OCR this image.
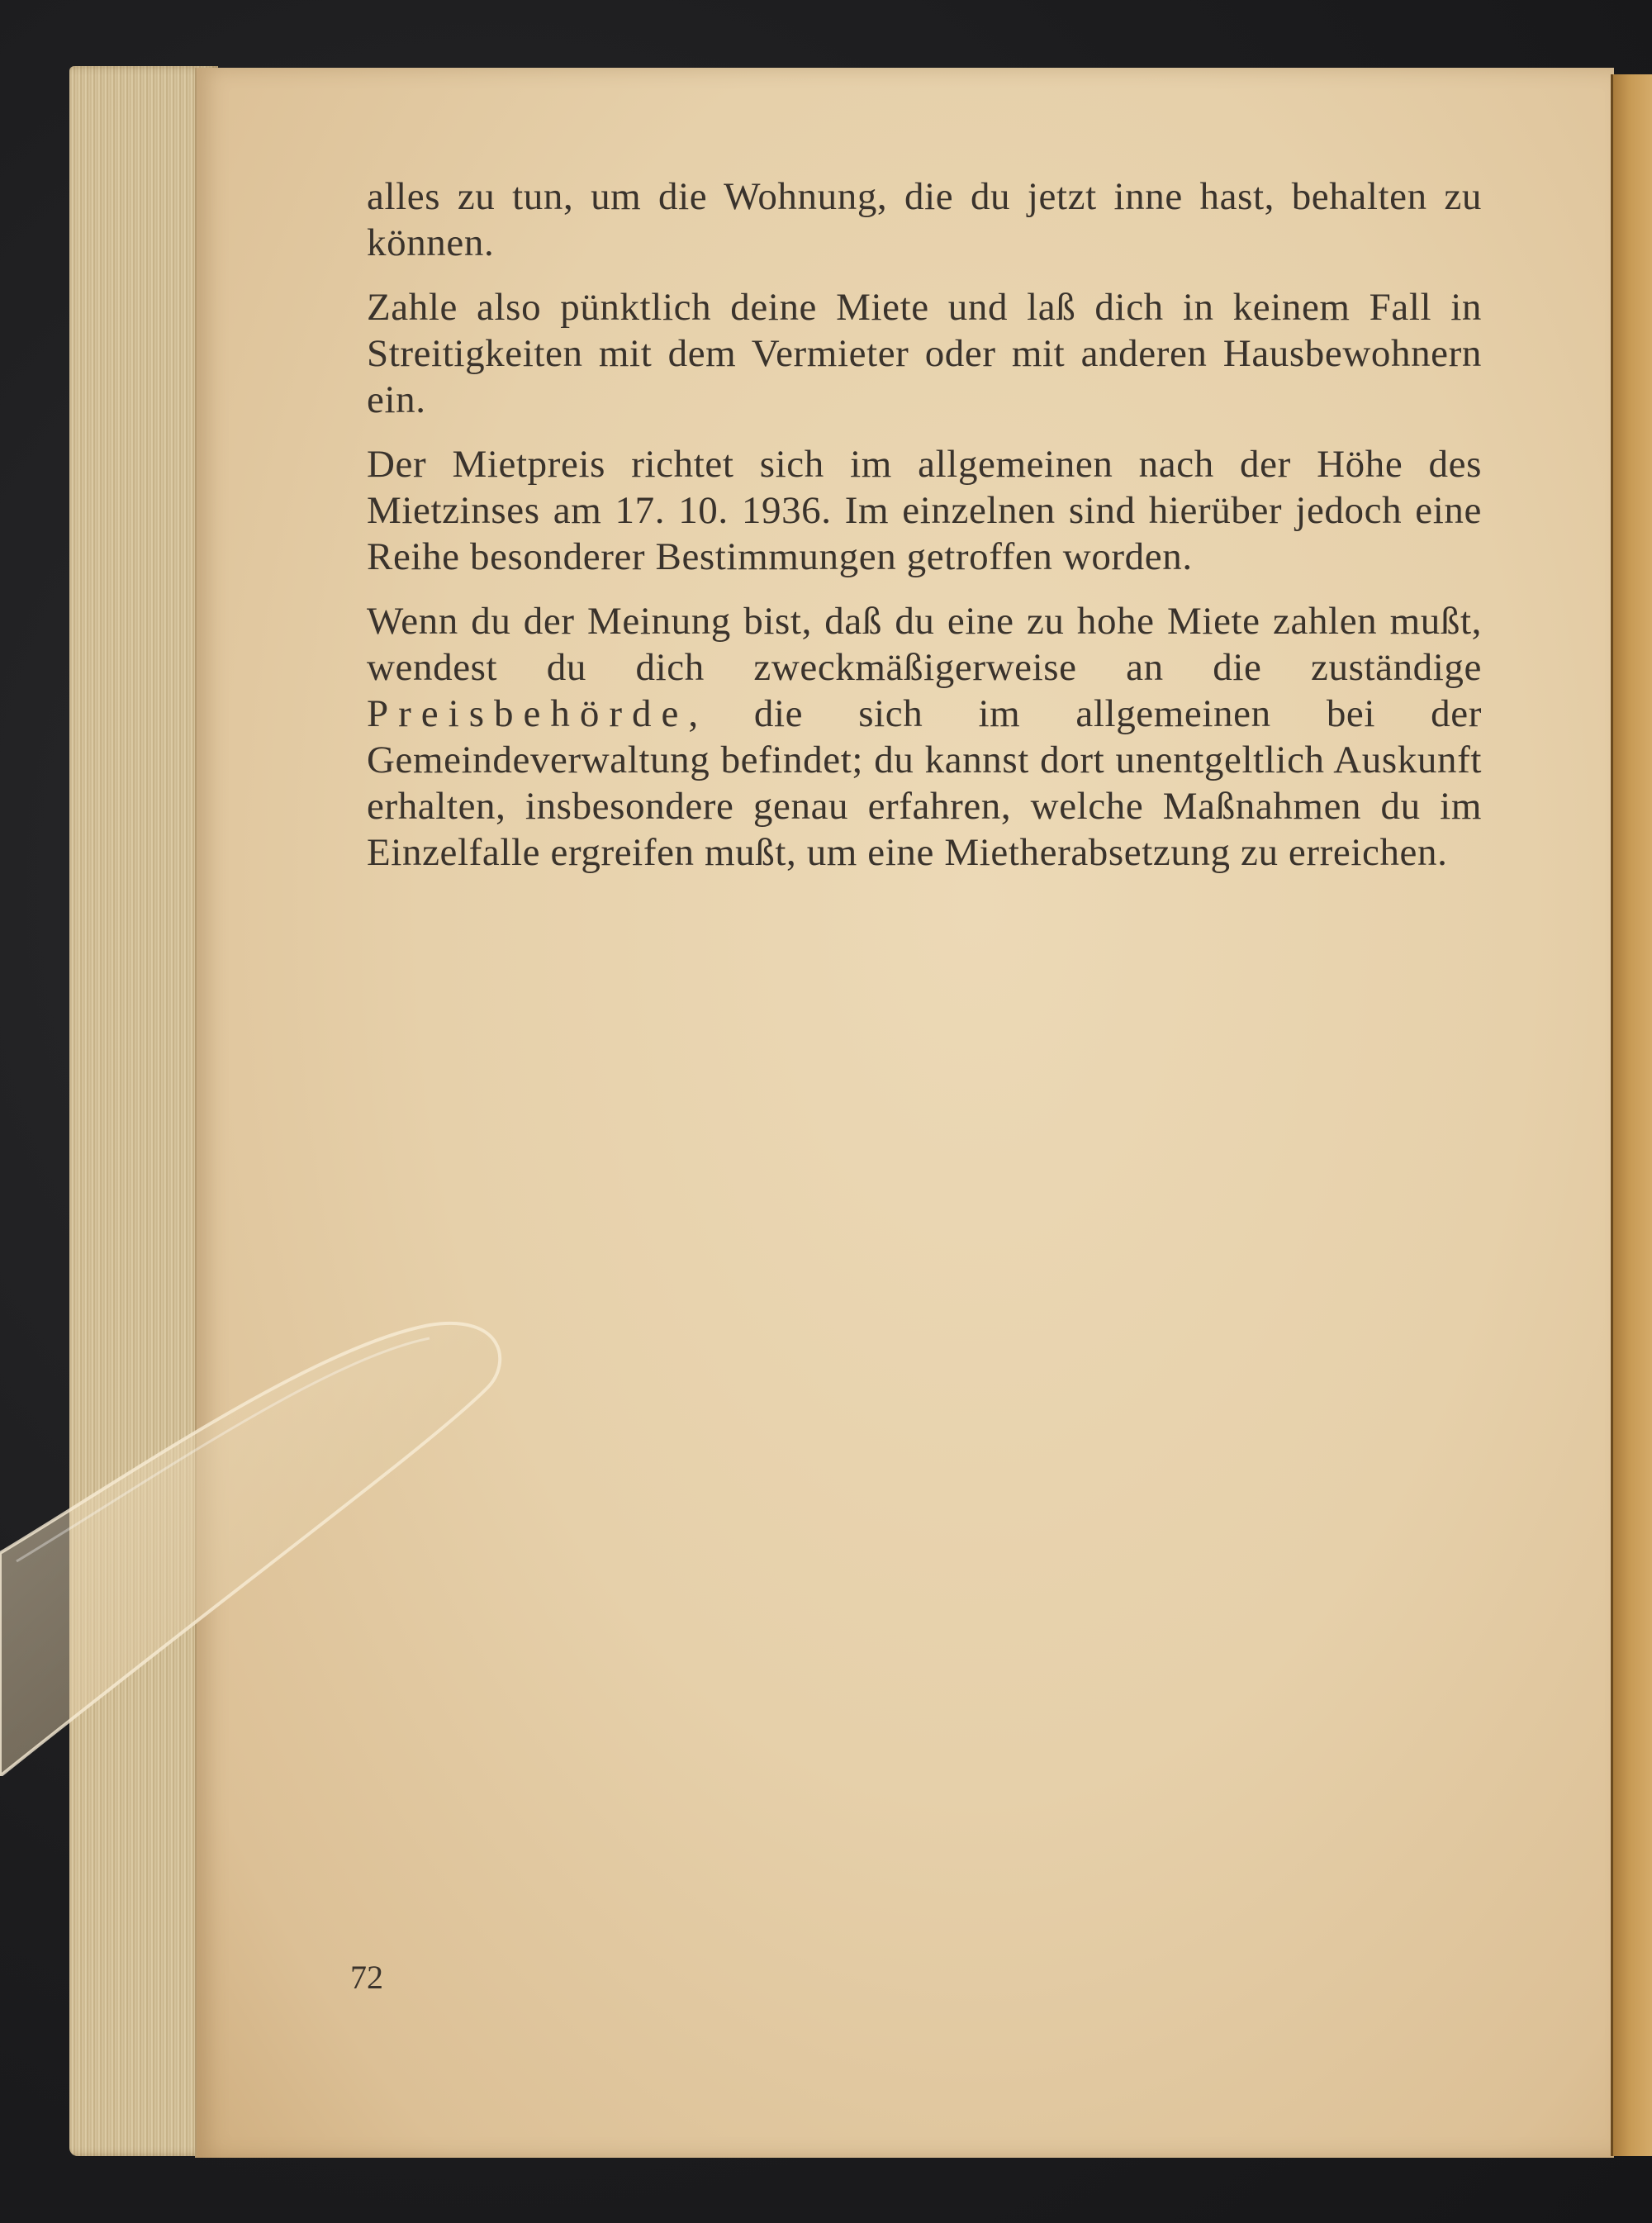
alles zu tun, um die Wohnung, die du jetzt inne hast, behalten zu können.

Zahle also pünktlich deine Miete und laß dich in keinem Fall in Streitigkeiten mit dem Vermieter oder mit anderen Hausbewohnern ein.

Der Mietpreis richtet sich im allgemeinen nach der Höhe des Mietzinses am 17. 10. 1936. Im einzelnen sind hierüber jedoch eine Reihe besonderer Bestimmungen getroffen worden.

Wenn du der Meinung bist, daß du eine zu hohe Miete zahlen mußt, wendest du dich zweckmäßigerweise an die zuständige Preisbehörde, die sich im allgemeinen bei der Gemeindeverwaltung befindet; du kannst dort unentgeltlich Auskunft erhalten, insbesondere genau erfahren, welche Maßnahmen du im Einzelfalle ergreifen mußt, um eine Mietherabsetzung zu erreichen.

72
